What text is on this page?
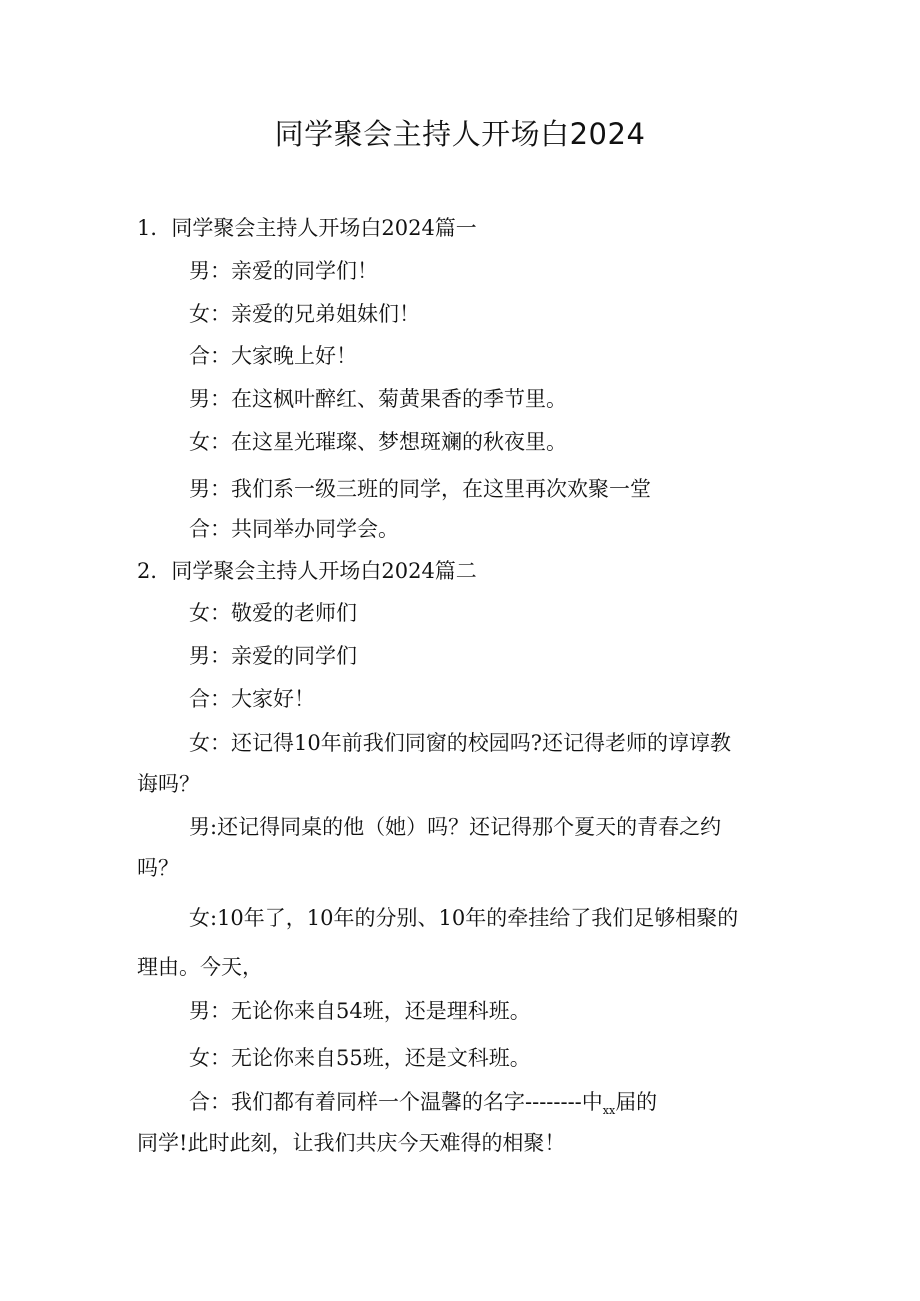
同学聚会主持人开场白2024

1．同学聚会主持人开场白2024篇一

男：亲爱的同学们！

女：亲爱的兄弟姐妹们！

合：大家晚上好！

男：在这枫叶醉红、菊黄果香的季节里。

女：在这星光璀璨、梦想斑斓的秋夜里。

男：我们系一级三班的同学，在这里再次欢聚一堂

合：共同举办同学会。

2．同学聚会主持人开场白2024篇二

女：敬爱的老师们

男：亲爱的同学们

合：大家好！

女：还记得10年前我们同窗的校园吗?还记得老师的谆谆教

诲吗？

男:还记得同桌的他（她）吗？还记得那个夏天的青春之约

吗？

女:10年了，10年的分别、10年的牵挂给了我们足够相聚的

理由。今天，

男：无论你来自54班，还是理科班。

女：无论你来自55班，还是文科班。

合：我们都有着同样一个温馨的名字--------中$_{xx}$届的

同学!此时此刻，让我们共庆今天难得的相聚！
